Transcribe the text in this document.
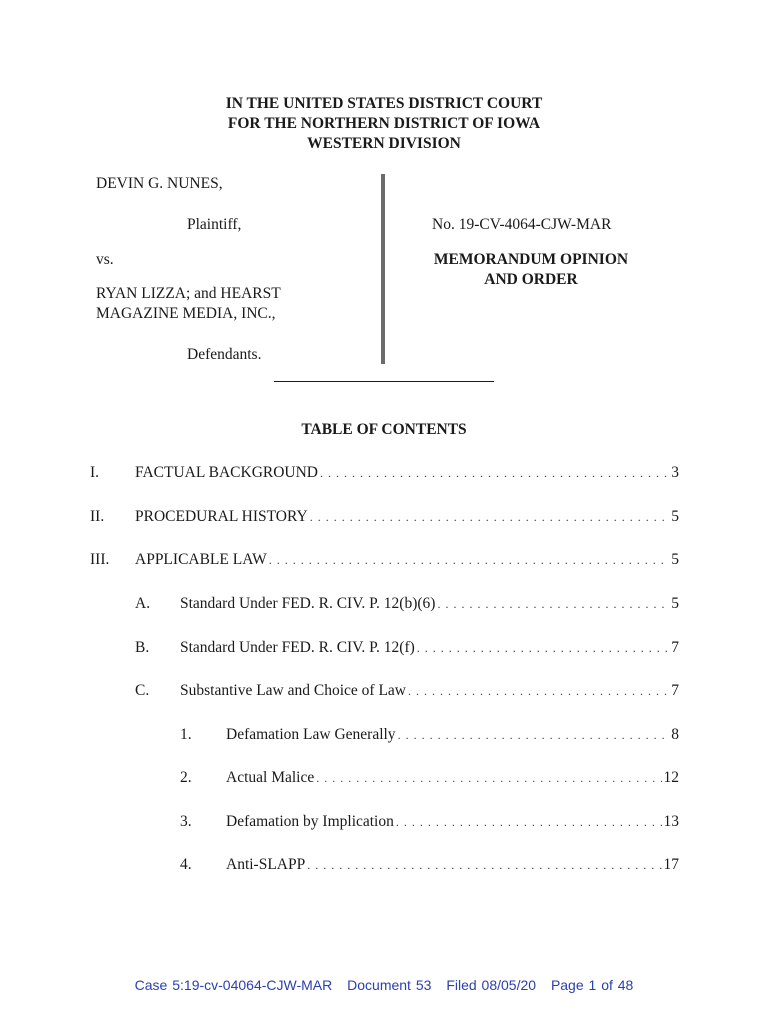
IN THE UNITED STATES DISTRICT COURT
FOR THE NORTHERN DISTRICT OF IOWA
WESTERN DIVISION
DEVIN G. NUNES,
Plaintiff,
vs.
RYAN LIZZA; and HEARST
MAGAZINE MEDIA, INC.,
Defendants.
No. 19-CV-4064-CJW-MAR
MEMORANDUM OPINION
AND ORDER
TABLE OF CONTENTS
I.	FACTUAL BACKGROUND . . .	3
II.	PROCEDURAL HISTORY . . .	5
III.	APPLICABLE LAW . . .	5
A.	Standard Under FED. R. CIV. P. 12(b)(6) . . .	5
B.	Standard Under FED. R. CIV. P. 12(f) . . .	7
C.	Substantive Law and Choice of Law . . .	7
1.	Defamation Law Generally . . .	8
2.	Actual Malice . . .	12
3.	Defamation by Implication . . .	13
4.	Anti-SLAPP . . .	17
Case 5:19-cv-04064-CJW-MAR Document 53 Filed 08/05/20 Page 1 of 48
